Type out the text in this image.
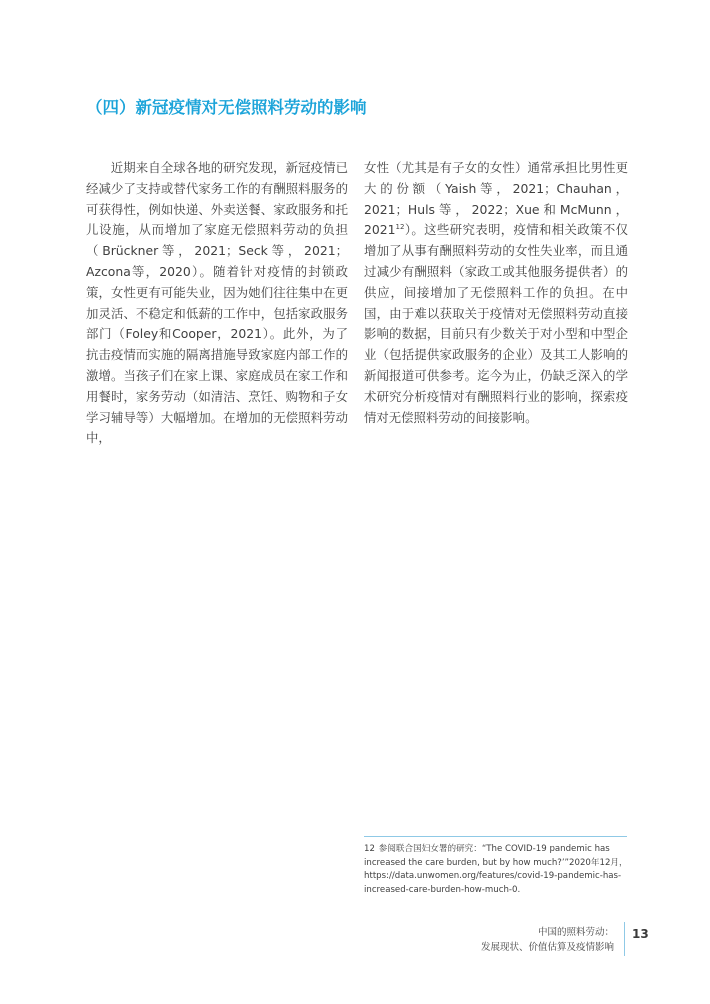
（四）新冠疫情对无偿照料劳动的影响

近期来自全球各地的研究发现，新冠疫情已经减少了支持或替代家务工作的有酬照料服务的可获得性，例如快递、外卖送餐、家政服务和托儿设施，从而增加了家庭无偿照料劳动的负担（Brückner等，2021；Seck等，2021；Azcona等，2020）。随着针对疫情的封锁政策，女性更有可能失业，因为她们往往集中在更加灵活、不稳定和低薪的工作中，包括家政服务部门（Foley和Cooper，2021）。此外，为了抗击疫情而实施的隔离措施导致家庭内部工作的激增。当孩子们在家上课、家庭成员在家工作和用餐时，家务劳动（如清洁、烹饪、购物和子女学习辅导等）大幅增加。在增加的无偿照料劳动中，

女性（尤其是有子女的女性）通常承担比男性更大的份额（Yaish等，2021；Chauhan，2021；Huls等，2022；Xue和McMunn，2021$^{12}$）。这些研究表明，疫情和相关政策不仅增加了从事有酬照料劳动的女性失业率，而且通过减少有酬照料（家政工或其他服务提供者）的供应，间接增加了无偿照料工作的负担。在中国，由于难以获取关于疫情对无偿照料劳动直接影响的数据，目前只有少数关于对小型和中型企业（包括提供家政服务的企业）及其工人影响的新闻报道可供参考。迄今为止，仍缺乏深入的学术研究分析疫情对有酬照料行业的影响，探索疫情对无偿照料劳动的间接影响。

12 参阅联合国妇女署的研究：“The COVID-19 pandemic has increased the care burden, but by how much?’”2020年12月，https://data.unwomen.org/features/covid-19-pandemic-has-increased-care-burden-how-much-0.
中国的照料劳动：
发展现状、价值估算及疫情影响
13
